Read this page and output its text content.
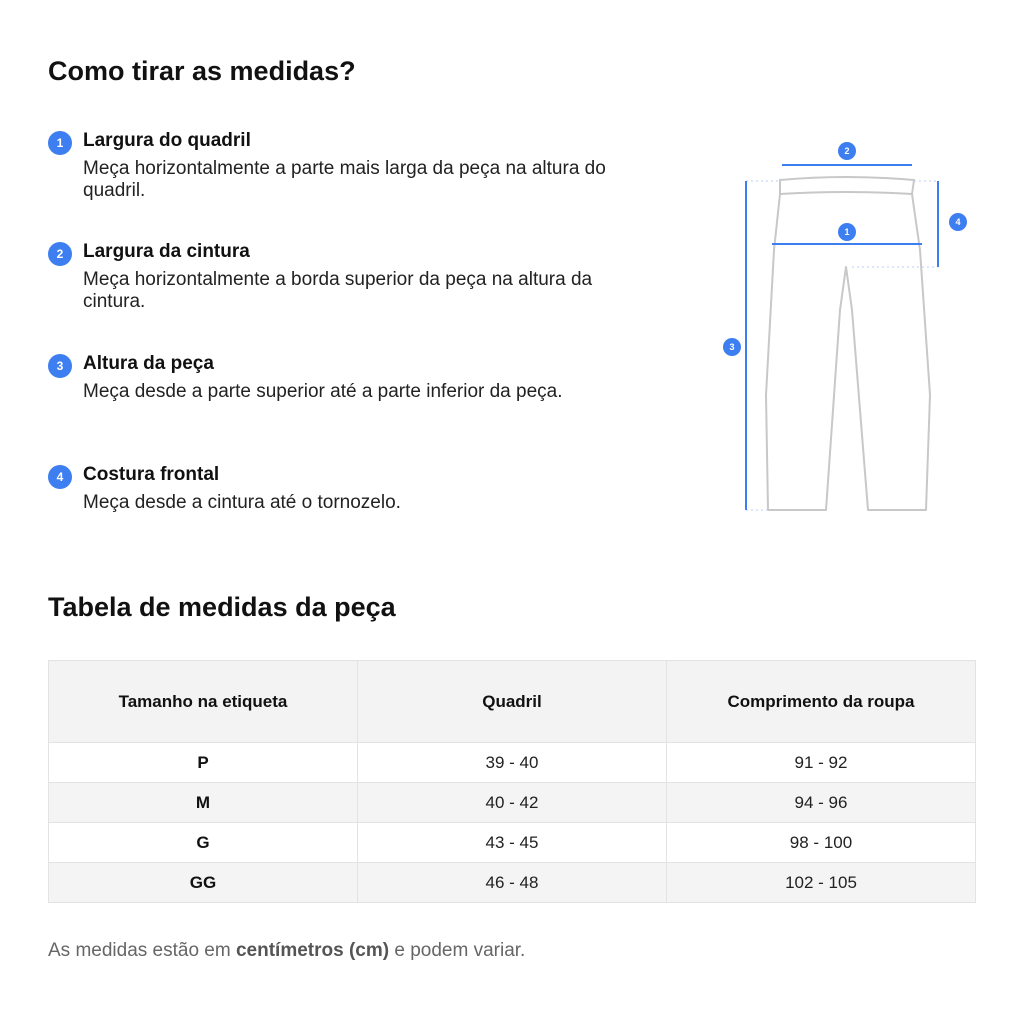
Como tirar as medidas?
1	Largura do quadril
Meça horizontalmente a parte mais larga da peça na altura do quadril.
2	Largura da cintura
Meça horizontalmente a borda superior da peça na altura da cintura.
3	Altura da peça
Meça desde a parte superior até a parte inferior da peça.
4	Costura frontal
Meça desde a cintura até o tornozelo.
2
1
3
4
Tabela de medidas da peça
Tamanho na etiqueta	Quadril	Comprimento da roupa
P	39 - 40	91 - 92
M	40 - 42	94 - 96
G	43 - 45	98 - 100
GG	46 - 48	102 - 105
As medidas estão em centímetros (cm) e podem variar.
